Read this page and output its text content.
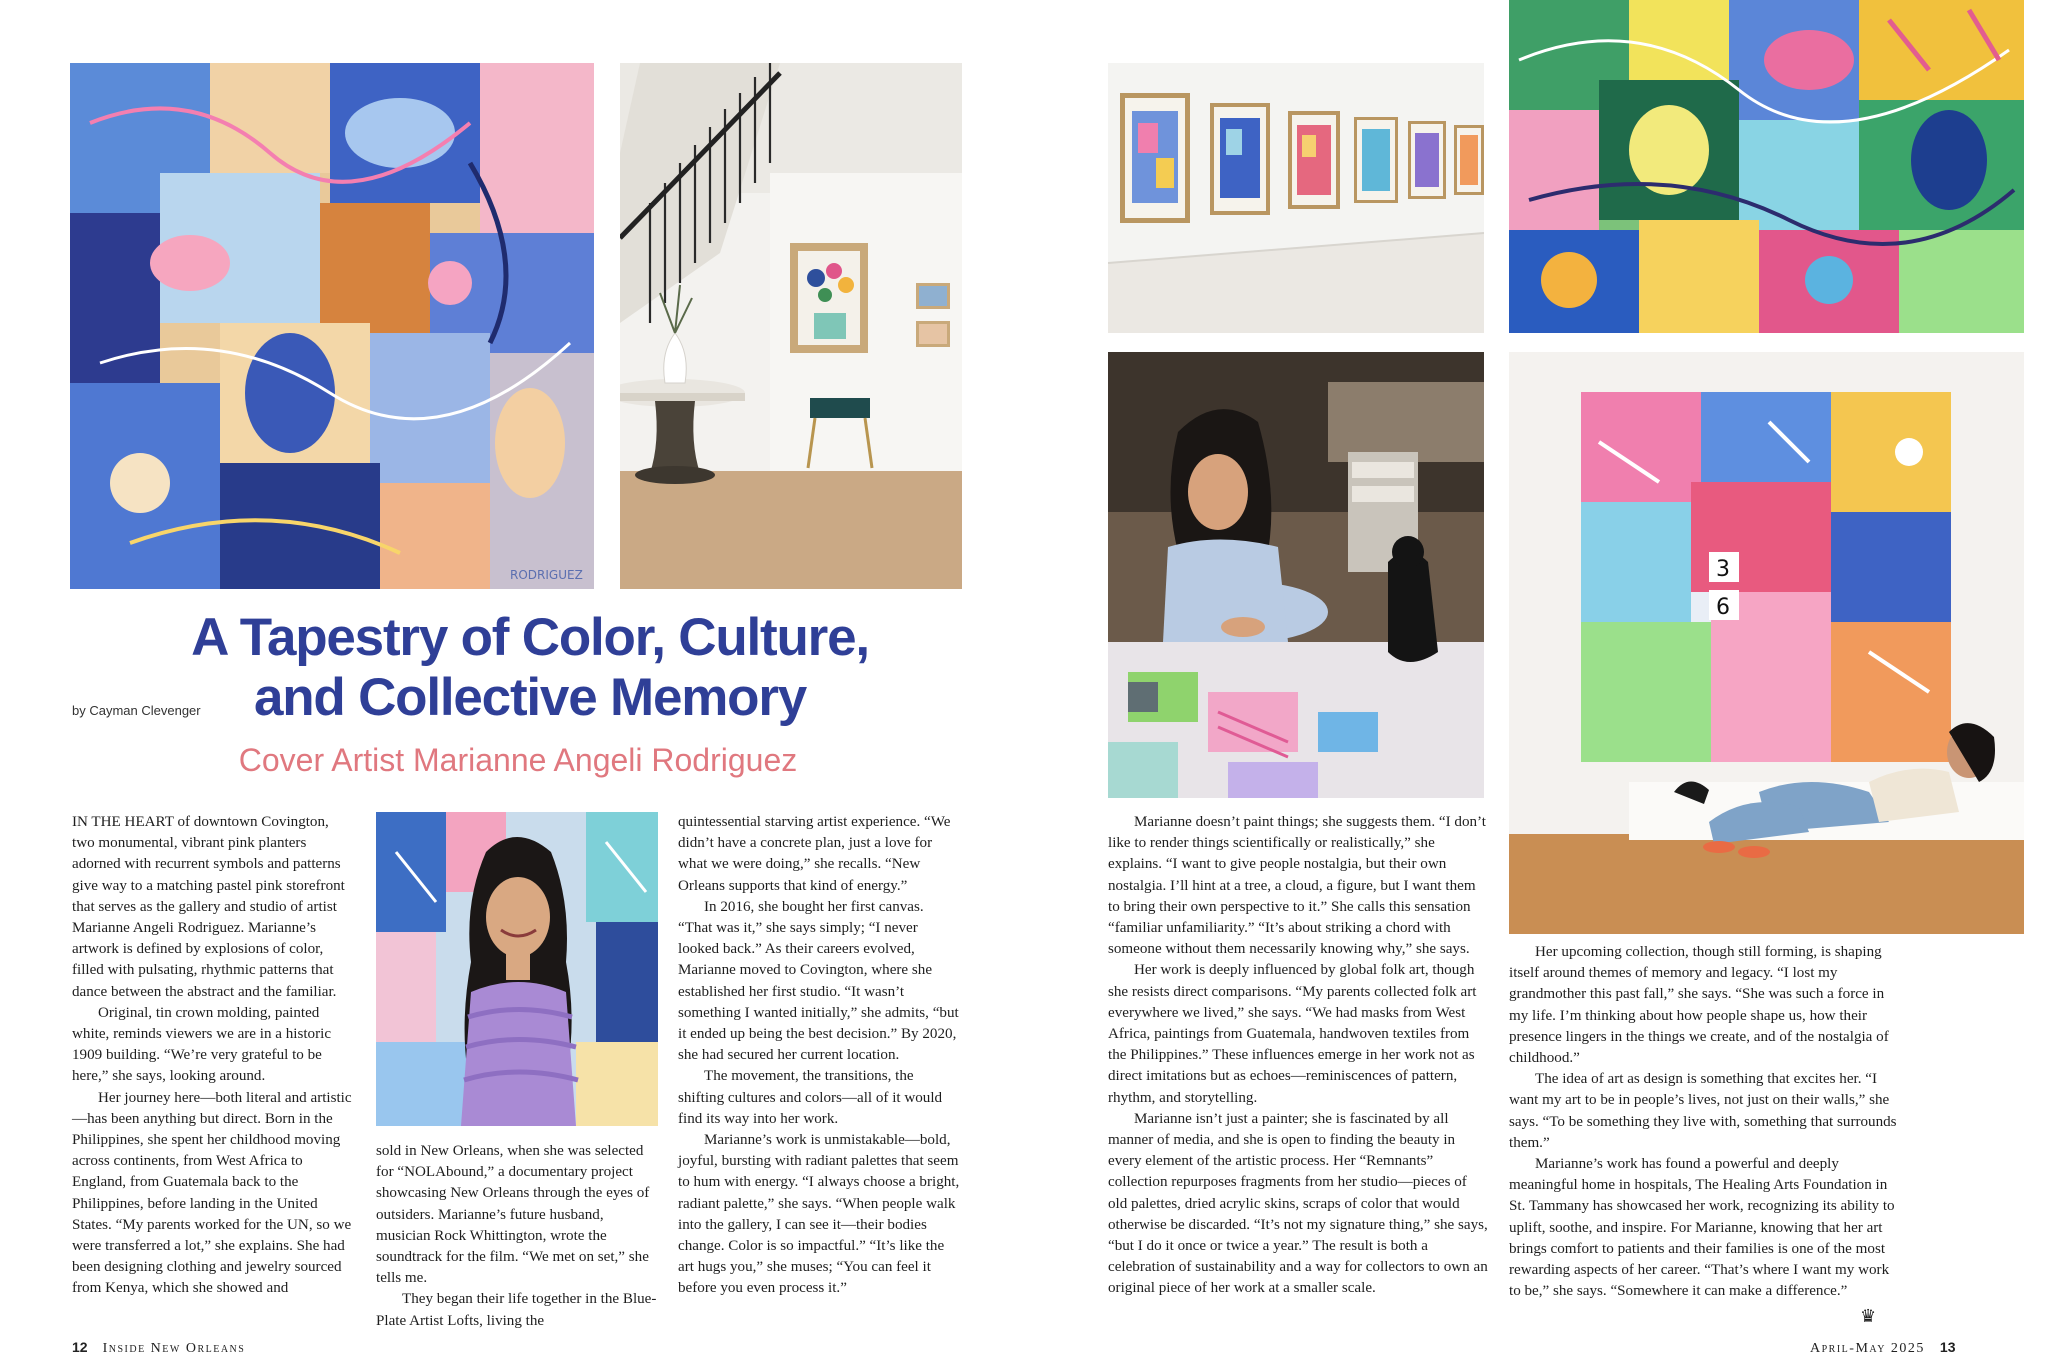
RODRIGUEZ
A Tapestry of Color, Culture,
and Collective Memory
by Cayman Clevenger
Cover Artist Marianne Angeli Rodriguez

IN THE HEART of downtown Covington, two monumental, vibrant pink planters adorned with recurrent symbols and patterns give way to a matching pastel pink storefront that serves as the gallery and studio of artist Marianne Angeli Rodriguez. Marianne’s artwork is defined by explosions of color, filled with pulsating, rhythmic patterns that dance between the abstract and the familiar.

Original, tin crown molding, painted white, reminds viewers we are in a historic 1909 building. “We’re very grateful to be here,” she says, looking around.

Her journey here—both literal and artistic—has been anything but direct. Born in the Philippines, she spent her childhood moving across continents, from West Africa to England, from Guatemala back to the Philippines, before landing in the United States. “My parents worked for the UN, so we were transferred a lot,” she explains. She had been designing clothing and jewelry sourced from Kenya, which she showed and

sold in New Orleans, when she was selected for “NOLAbound,” a documentary project showcasing New Orleans through the eyes of outsiders. Marianne’s future husband, musician Rock Whittington, wrote the soundtrack for the film. “We met on set,” she tells me.

They began their life together in the Blue-Plate Artist Lofts, living the

quintessential starving artist experience. “We didn’t have a concrete plan, just a love for what we were doing,” she recalls. “New Orleans supports that kind of energy.”

In 2016, she bought her first canvas. “That was it,” she says simply; “I never looked back.” As their careers evolved, Marianne moved to Covington, where she established her first studio. “It wasn’t something I wanted initially,” she admits, “but it ended up being the best decision.” By 2020, she had secured her current location.

The movement, the transitions, the shifting cultures and colors—all of it would find its way into her work.

Marianne’s work is unmistakable—bold, joyful, bursting with radiant palettes that seem to hum with energy. “I always choose a bright, radiant palette,” she says. “When people walk into the gallery, I can see it—their bodies change. Color is so impactful.” “It’s like the art hugs you,” she muses; “You can feel it before you even process it.”

12 Inside New Orleans
3
6

Marianne doesn’t paint things; she suggests them. “I don’t like to render things scientifically or realistically,” she explains. “I want to give people nostalgia, but their own nostalgia. I’ll hint at a tree, a cloud, a figure, but I want them to bring their own perspective to it.” She calls this sensation “familiar unfamiliarity.” “It’s about striking a chord with someone without them necessarily knowing why,” she says.

Her work is deeply influenced by global folk art, though she resists direct comparisons. “My parents collected folk art everywhere we lived,” she says. “We had masks from West Africa, paintings from Guatemala, handwoven textiles from the Philippines.” These influences emerge in her work not as direct imitations but as echoes—reminiscences of pattern, rhythm, and storytelling.

Marianne isn’t just a painter; she is fascinated by all manner of media, and she is open to finding the beauty in every element of the artistic process. Her “Remnants” collection repurposes fragments from her studio—pieces of old palettes, dried acrylic skins, scraps of color that would otherwise be discarded. “It’s not my signature thing,” she says, “but I do it once or twice a year.” The result is both a celebration of sustainability and a way for collectors to own an original piece of her work at a smaller scale.

Her upcoming collection, though still forming, is shaping itself around themes of memory and legacy. “I lost my grandmother this past fall,” she says. “She was such a force in my life. I’m thinking about how people shape us, how their presence lingers in the things we create, and of the nostalgia of childhood.”

The idea of art as design is something that excites her. “I want my art to be in people’s lives, not just on their walls,” she says. “To be something they live with, something that surrounds them.”

Marianne’s work has found a powerful and deeply meaningful home in hospitals, The Healing Arts Foundation in St. Tammany has showcased her work, recognizing its ability to uplift, soothe, and inspire. For Marianne, knowing that her art brings comfort to patients and their families is one of the most rewarding aspects of her career. “That’s where I want my work to be,” she says. “Somewhere it can make a difference.”

♛
April-May 2025 13
